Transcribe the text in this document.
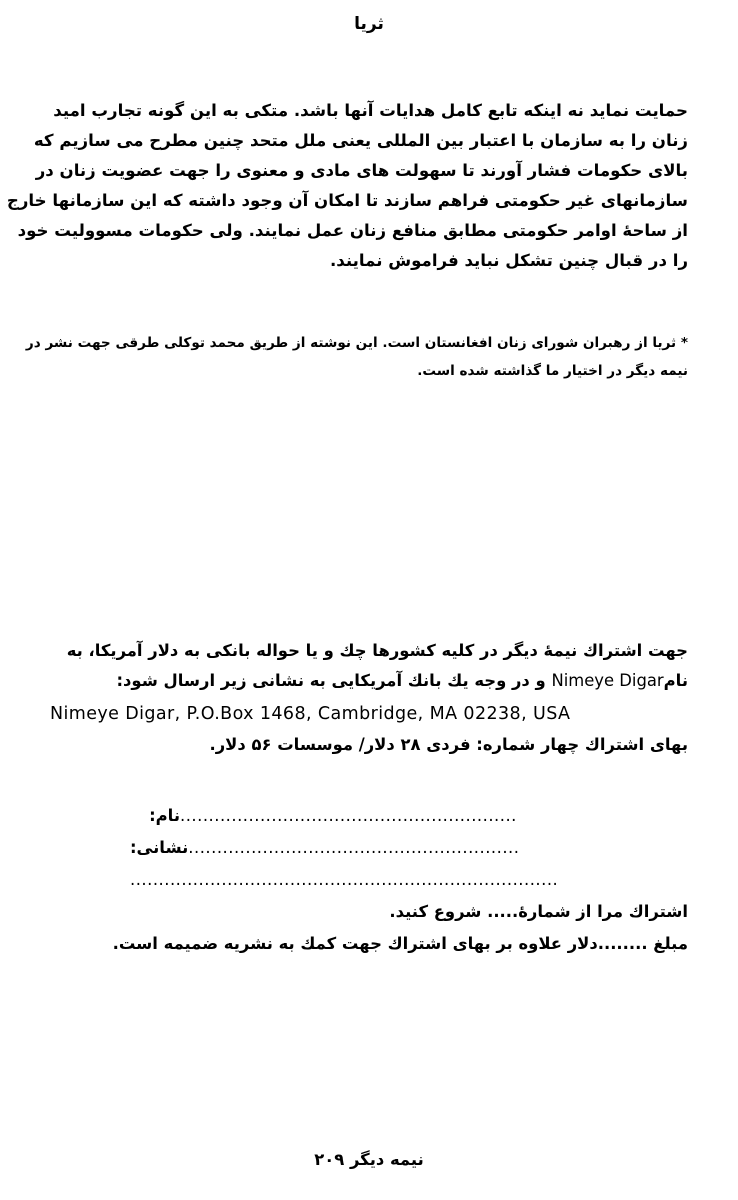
ثریا
حمایت نماید نه اینکه تابع کامل هدایات آنها باشد. متکی به این گونه تجارب امید
زنان را به سازمان با اعتبار بین المللی یعنی ملل متحد چنین مطرح می سازیم که
بالای حکومات فشار آورند تا سهولت های مادی و معنوی را جهت عضویت زنان در
سازمانهای غیر حکومتی فراهم سازند تا امکان آن وجود داشته که این سازمانها خارج
از ساحهٔ اوامر حکومتی مطابق منافع زنان عمل نمایند. ولی حکومات مسوولیت خود
را در قبال چنین تشکل نباید فراموش نمایند.
* ثریا از رهبران شورای زنان افغانستان است. این نوشته از طریق محمد توکلی طرقی جهت نشر در
نیمه دیگر در اختیار ما گذاشته شده است.
جهت اشتراك نیمهٔ دیگر در کلیه کشورها چك و یا حواله بانکی به دلار آمریکا، به
نامNimeye Digar و در وجه یك بانك آمریکایی به نشانی زیر ارسال شود:
Nimeye Digar, P.O.Box 1468, Cambridge, MA 02238, USA
بهای اشتراك چهار شماره: فردی ۲۸ دلار/ موسسات ۵۶ دلار.
نام: ...........................................................
نشانی: ..........................................................
...........................................................................
اشتراك مرا از شمارهٔ..... شروع کنید.
مبلغ ........دلار علاوه بر بهای اشتراك جهت کمك به نشریه ضمیمه است.
نیمه دیگر ۲۰۹
